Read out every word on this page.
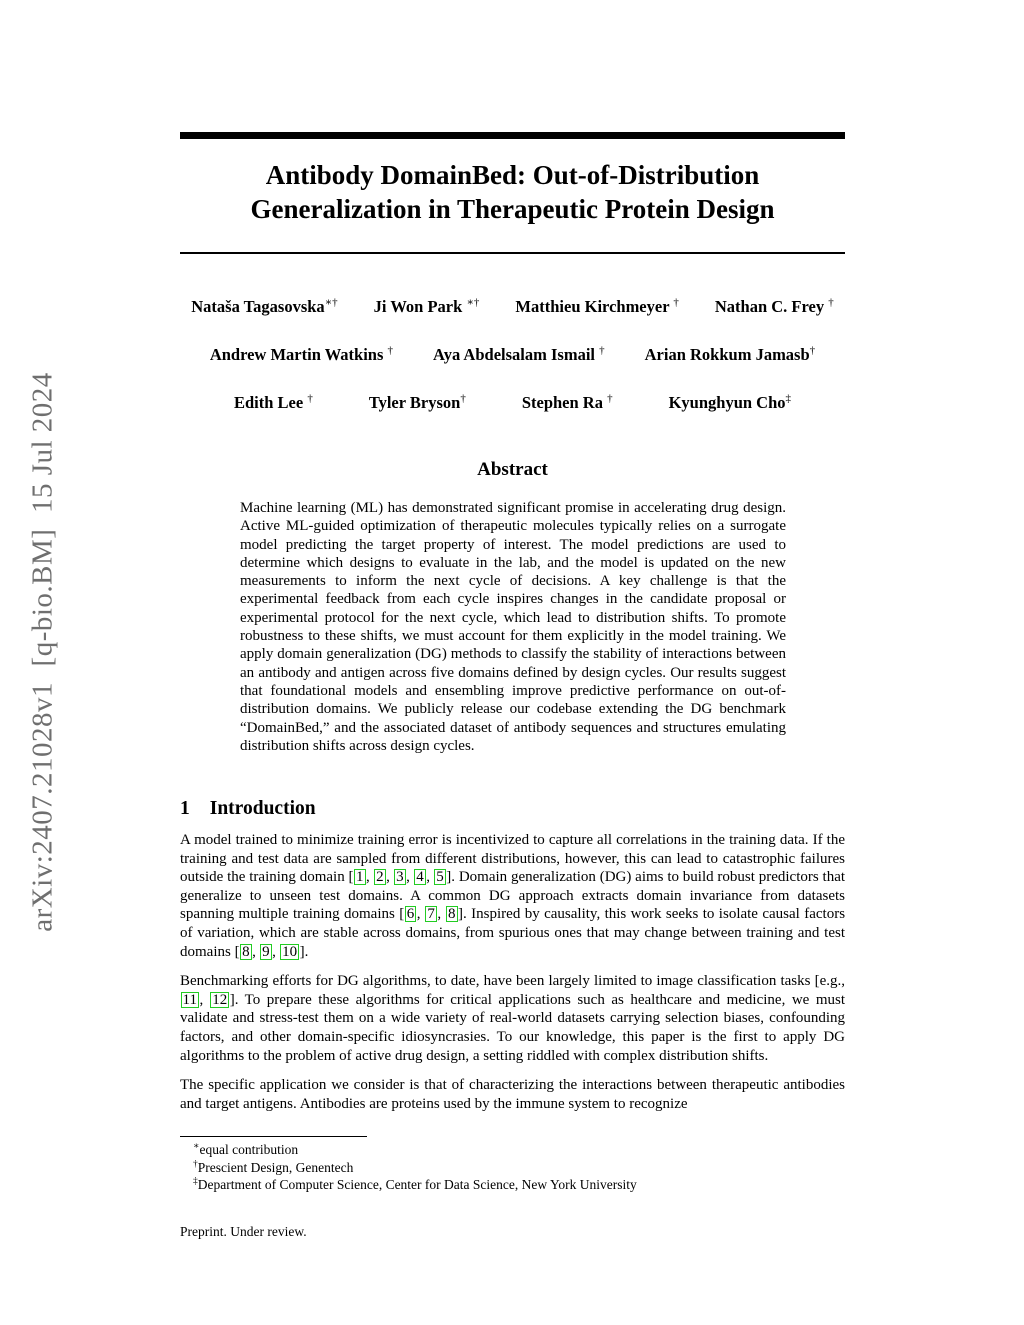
arXiv:2407.21028v1  [q-bio.BM]  15 Jul 2024
Antibody DomainBed: Out-of-Distribution
Generalization in Therapeutic Protein Design
Nataša Tagasovska∗† Ji Won Park ∗† Matthieu Kirchmeyer † Nathan C. Frey †
Andrew Martin Watkins † Aya Abdelsalam Ismail † Arian Rokkum Jamasb†
Edith Lee †	Tyler Bryson†	Stephen Ra †	Kyunghyun Cho‡
Abstract

Machine learning (ML) has demonstrated significant promise in accelerating drug design. Active ML-guided optimization of therapeutic molecules typically relies on a surrogate model predicting the target property of interest. The model predictions are used to determine which designs to evaluate in the lab, and the model is updated on the new measurements to inform the next cycle of decisions. A key challenge is that the experimental feedback from each cycle inspires changes in the candidate proposal or experimental protocol for the next cycle, which lead to distribution shifts. To promote robustness to these shifts, we must account for them explicitly in the model training. We apply domain generalization (DG) methods to classify the stability of interactions between an antibody and antigen across five domains defined by design cycles. Our results suggest that foundational models and ensembling improve predictive performance on out-of-distribution domains. We publicly release our codebase extending the DG benchmark “DomainBed,” and the associated dataset of antibody sequences and structures emulating distribution shifts across design cycles.

1 Introduction

A model trained to minimize training error is incentivized to capture all correlations in the training data. If the training and test data are sampled from different distributions, however, this can lead to catastrophic failures outside the training domain [ 1 , 2 , 3 , 4 , 5 ]. Domain generalization (DG) aims to build robust predictors that generalize to unseen test domains. A common DG approach extracts domain invariance from datasets spanning multiple training domains [ 6 , 7 , 8 ]. Inspired by causality, this work seeks to isolate causal factors of variation, which are stable across domains, from spurious ones that may change between training and test domains [ 8 , 9 , 10 ].

Benchmarking efforts for DG algorithms, to date, have been largely limited to image classification tasks [e.g., 11 , 12 ]. To prepare these algorithms for critical applications such as healthcare and medicine, we must validate and stress-test them on a wide variety of real-world datasets carrying selection biases, confounding factors, and other domain-specific idiosyncrasies. To our knowledge, this paper is the first to apply DG algorithms to the problem of active drug design, a setting riddled with complex distribution shifts.

The specific application we consider is that of characterizing the interactions between therapeutic antibodies and target antigens. Antibodies are proteins used by the immune system to recognize

∗equal contribution
†Prescient Design, Genentech
‡Department of Computer Science, Center for Data Science, New York University

Preprint. Under review.
